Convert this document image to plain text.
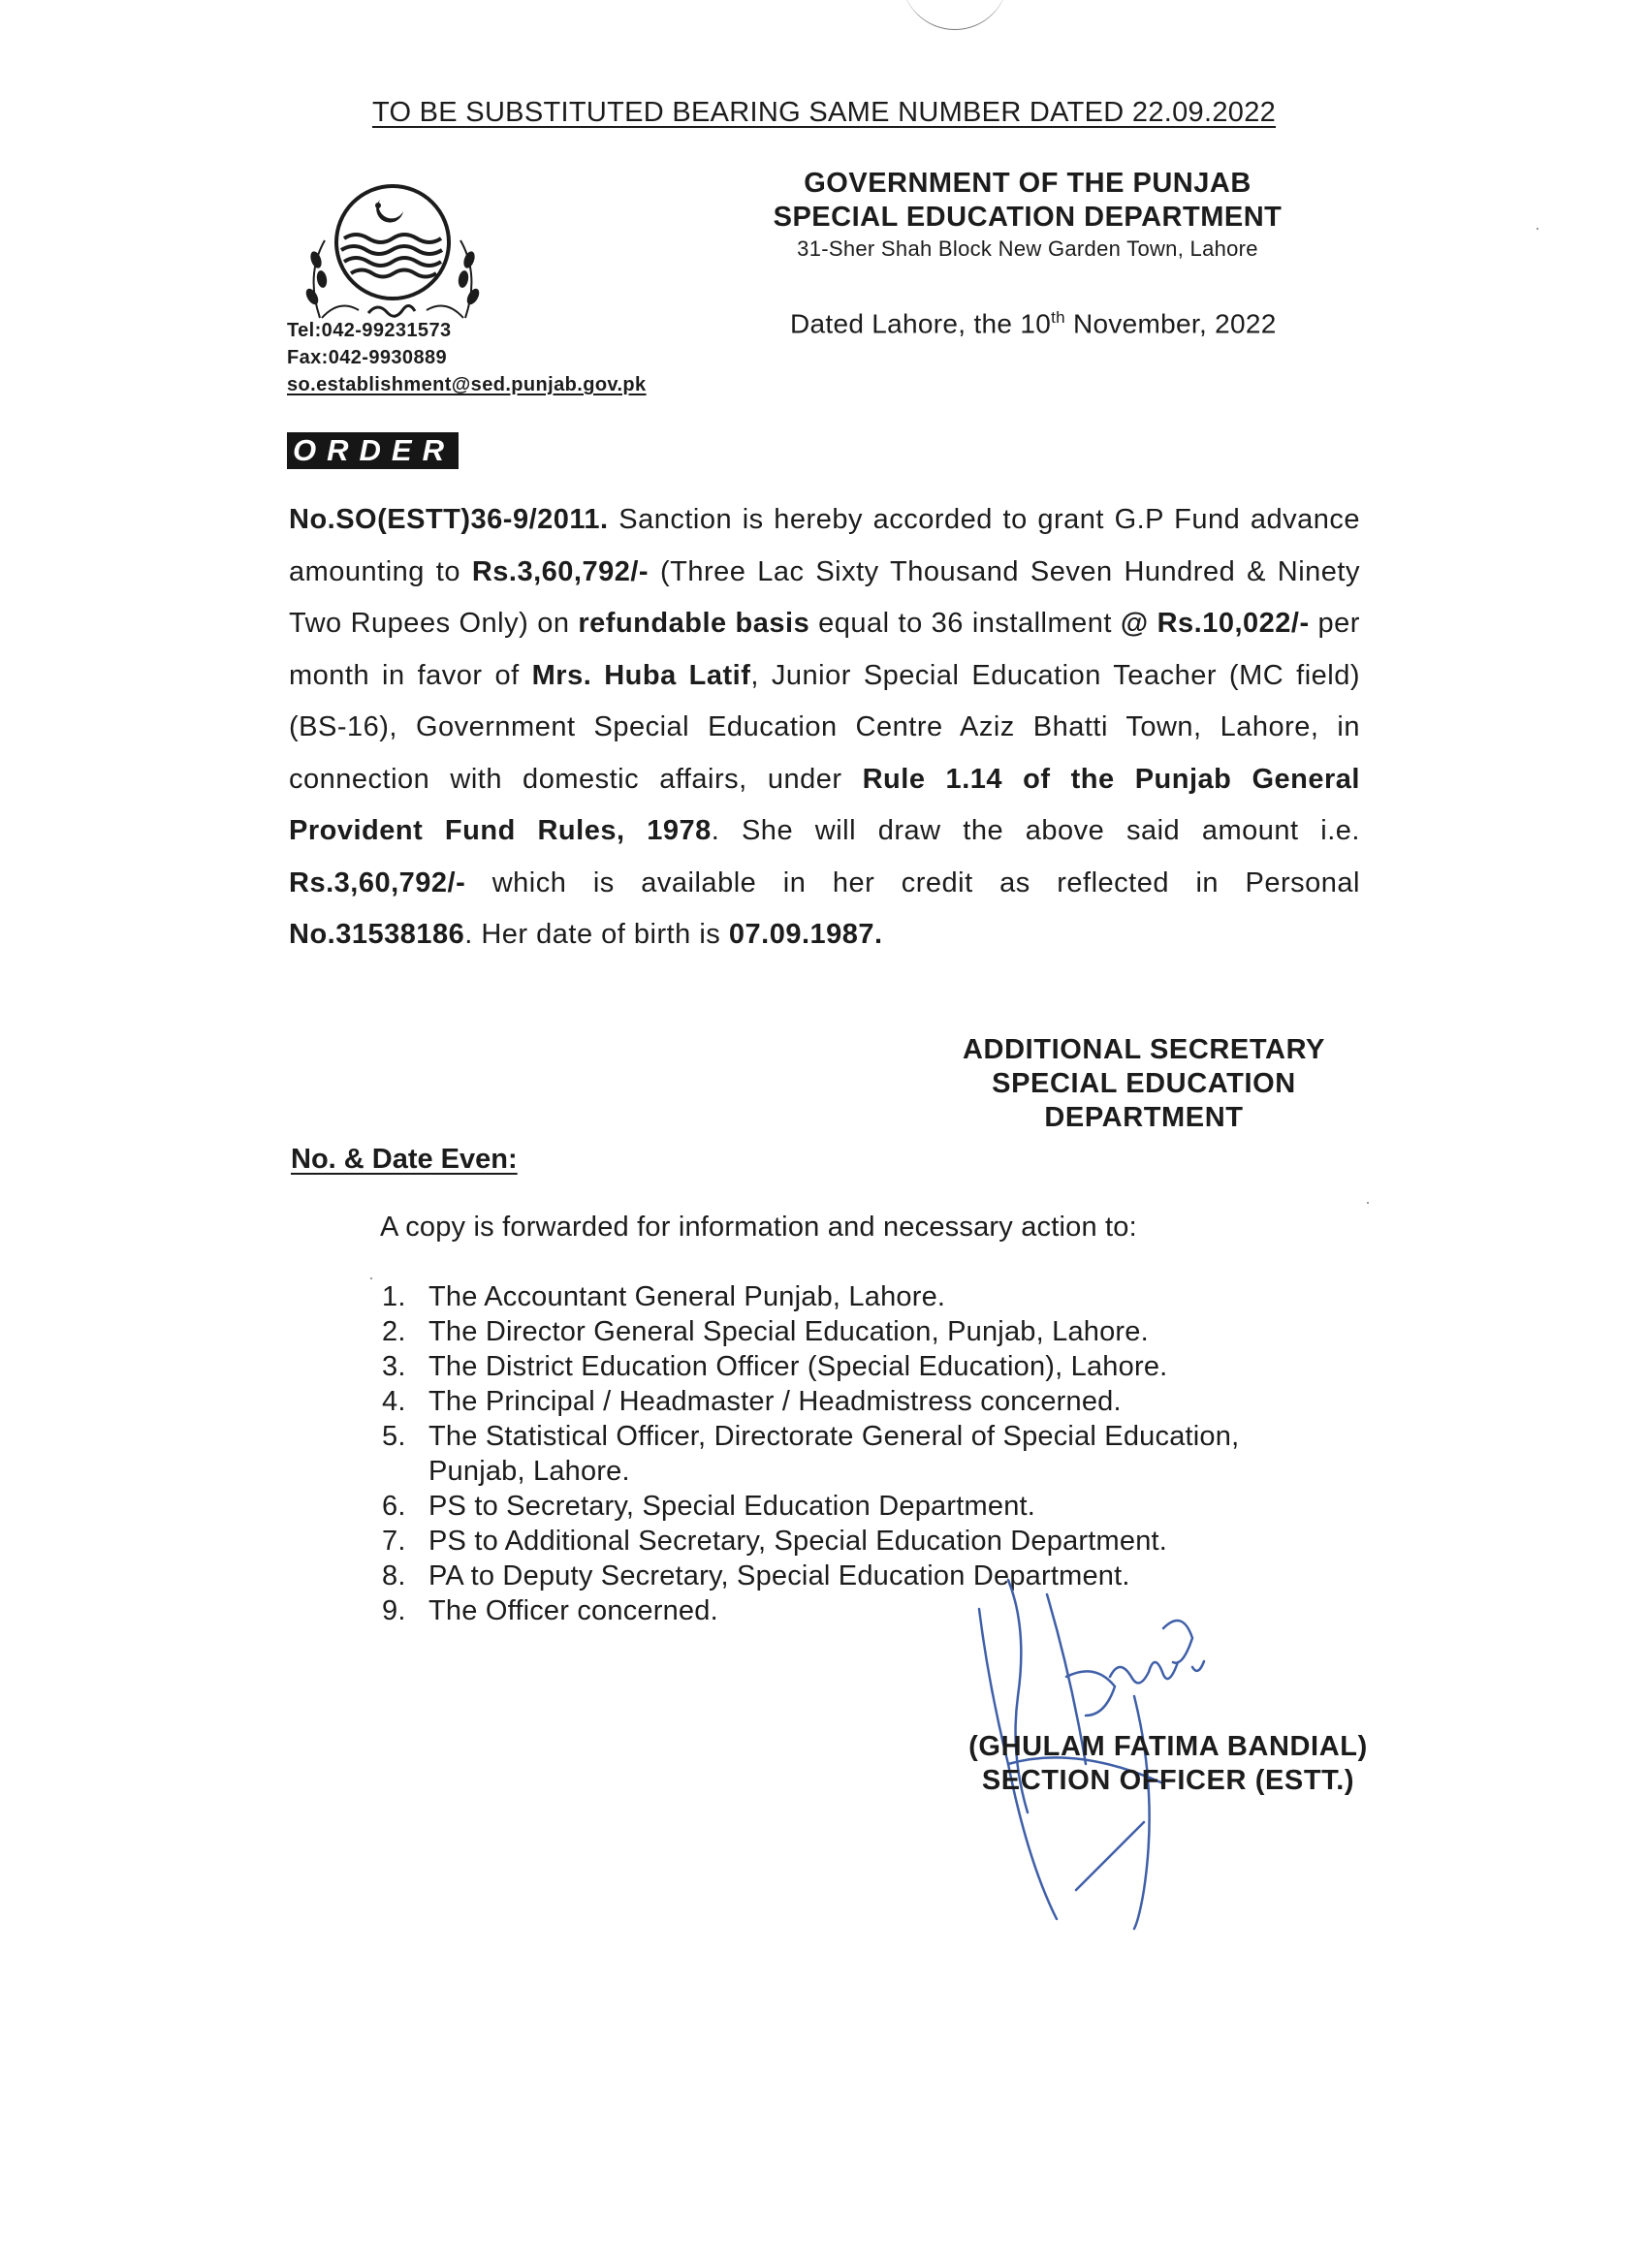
TO BE SUBSTITUTED BEARING SAME NUMBER DATED 22.09.2022
Tel:042-99231573
Fax:042-9930889
so.establishment@sed.punjab.gov.pk
GOVERNMENT OF THE PUNJAB
SPECIAL EDUCATION DEPARTMENT
31-Sher Shah Block New Garden Town, Lahore
Dated Lahore, the 10th November, 2022
ORDER
No.SO(ESTT)36-9/2011. Sanction is hereby accorded to grant G.P Fund advance amounting to Rs.3,60,792/- (Three Lac Sixty Thousand Seven Hundred & Ninety Two Rupees Only) on refundable basis equal to 36 installment @ Rs.10,022/- per month in favor of Mrs. Huba Latif, Junior Special Education Teacher (MC field) (BS-16), Government Special Education Centre Aziz Bhatti Town, Lahore, in connection with domestic affairs, under Rule 1.14 of the Punjab General Provident Fund Rules, 1978. She will draw the above said amount i.e. Rs.3,60,792/- which is available in her credit as reflected in Personal No.31538186. Her date of birth is 07.09.1987.
ADDITIONAL SECRETARY
SPECIAL EDUCATION
DEPARTMENT
No. & Date Even:
A copy is forwarded for information and necessary action to:
1. The Accountant General Punjab, Lahore.
2. The Director General Special Education, Punjab, Lahore.
3. The District Education Officer (Special Education), Lahore.
4. The Principal / Headmaster / Headmistress concerned.
5. The Statistical Officer, Directorate General of Special Education,
Punjab, Lahore.
6. PS to Secretary, Special Education Department.
7. PS to Additional Secretary, Special Education Department.
8. PA to Deputy Secretary, Special Education Department.
9. The Officer concerned.
(GHULAM FATIMA BANDIAL)
SECTION OFFICER (ESTT.)
